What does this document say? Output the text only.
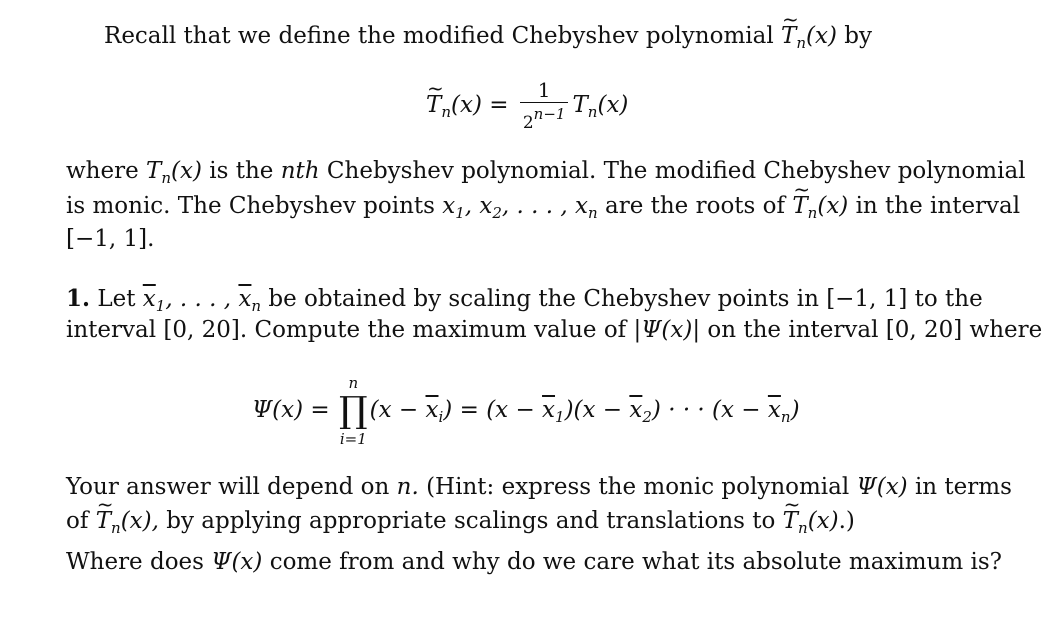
Recall that we define the modified Chebyshev polynomial ~ $T_n(x)$ by
~ $T_n(x) = \frac{1}{2n-1} T_n(x)$
where $T_n(x)$ is the nth Chebyshev polynomial. The modified Chebyshev polynomial
is monic. The Chebyshev points $x_1$, $x_2$, . . . , $x_n$ are the roots of ~ $T_n(x)$ in the interval
[−1, 1].
1. Let $\overline{x}_1$, . . . , $\overline{x}_n$ be obtained by scaling the Chebyshev points in [−1, 1] to the
interval [0, 20]. Compute the maximum value of |Ψ(x)| on the interval [0, 20] where
Ψ(x) =
n
∏
i=1
$(x - \overline{x}_i) = (x - \overline{x}_1)(x - \overline{x}_2)$ · · · $(x - \overline{x}_n)$
Your answer will depend on n. (Hint: express the monic polynomial Ψ(x) in terms
of ~ $T_n(x)$, by applying appropriate scalings and translations to ~ $T_n(x)$.)
Where does Ψ(x) come from and why do we care what its absolute maximum is?
